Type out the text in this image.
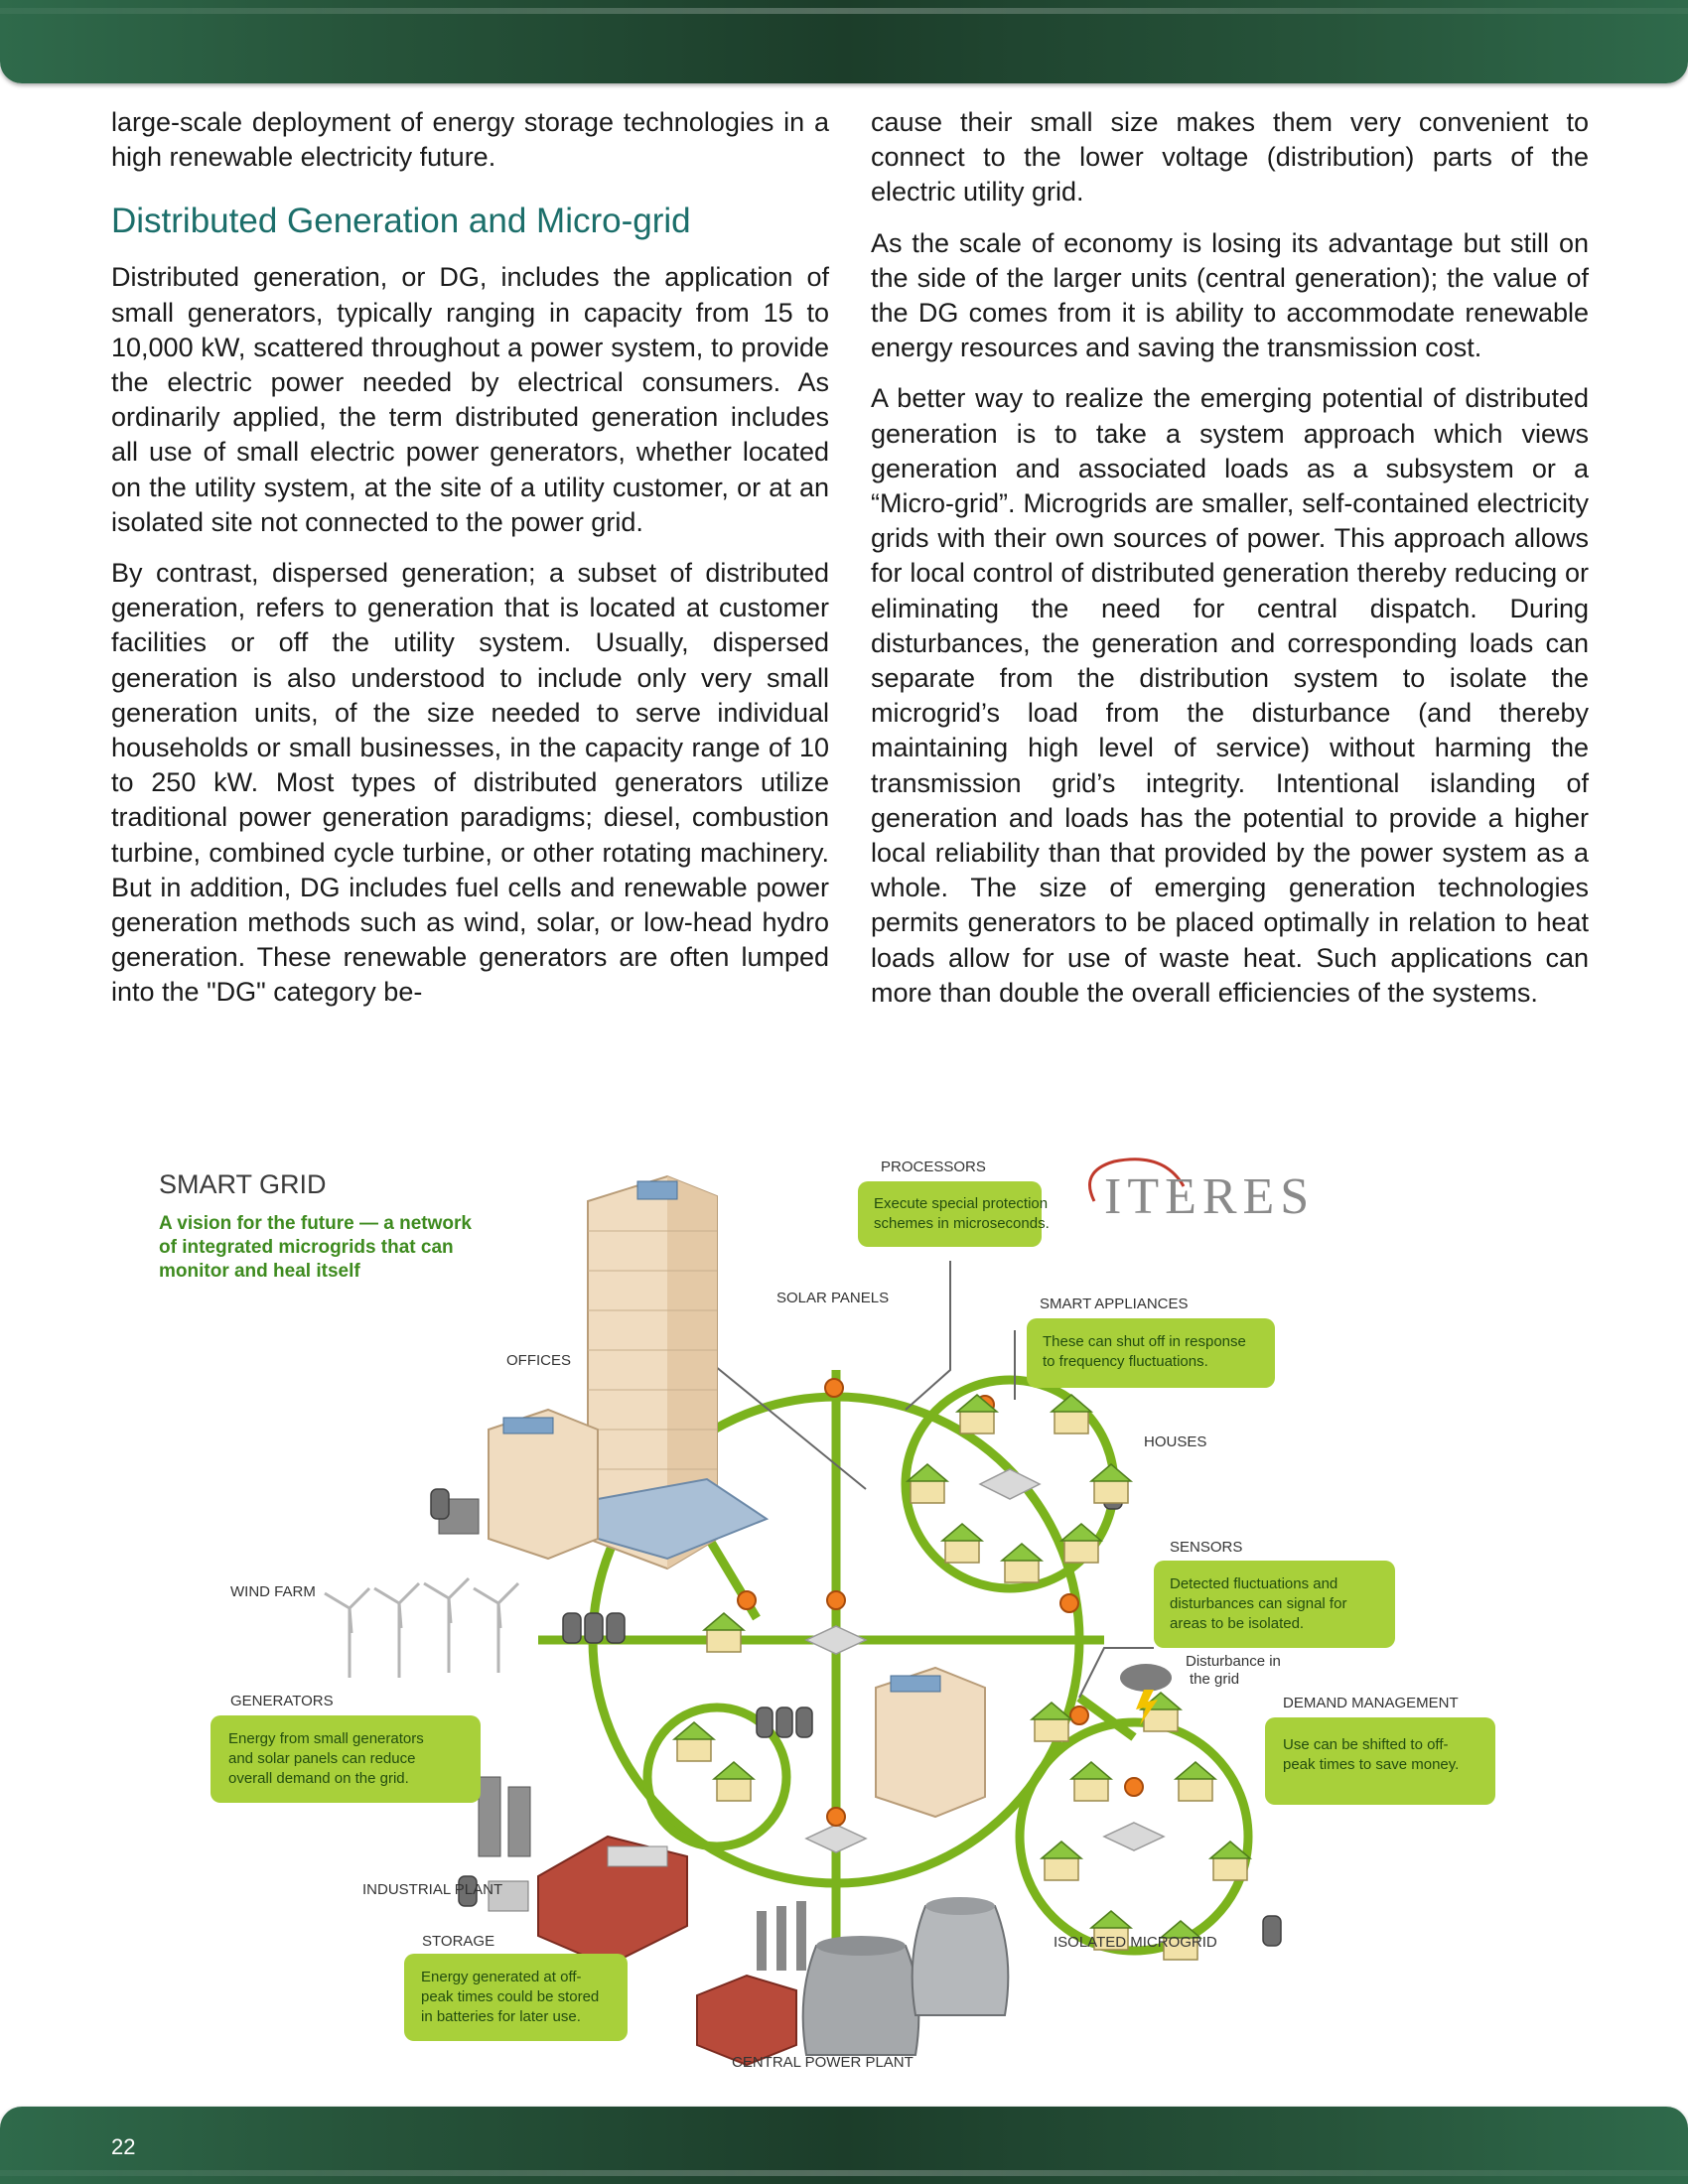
large-scale deployment of energy storage technologies in a high renewable electricity future.

Distributed Generation and Micro-grid

Distributed generation, or DG, includes the application of small generators, typically ranging in capacity from 15 to 10,000 kW, scattered throughout a power system, to provide the electric power needed by electrical consumers. As ordinarily applied, the term distributed generation includes all use of small electric power generators, whether located on the utility system, at the site of a utility customer, or at an isolated site not connected to the power grid.

By contrast, dispersed generation; a subset of distributed generation, refers to generation that is located at customer facilities or off the utility system. Usually, dispersed generation is also understood to include only very small generation units, of the size needed to serve individual households or small businesses, in the capacity range of 10 to 250 kW. Most types of distributed generators utilize traditional power generation paradigms; diesel, combustion turbine, combined cycle turbine, or other rotating machinery. But in addition, DG includes fuel cells and renewable power generation methods such as wind, solar, or low-head hydro generation. These renewable generators are often lumped into the "DG" category be-

cause their small size makes them very convenient to connect to the lower voltage (distribution) parts of the electric utility grid.

As the scale of economy is losing its advantage but still on the side of the larger units (central generation); the value of the DG comes from it is ability to accommodate renewable energy resources and saving the transmission cost.

A better way to realize the emerging potential of distributed generation is to take a system approach which views generation and associated loads as a subsystem or a “Micro-grid”. Microgrids are smaller, self-contained electricity grids with their own sources of power. This approach allows for local control of distributed generation thereby reducing or eliminating the need for central dispatch. During disturbances, the generation and corresponding loads can separate from the distribution system to isolate the microgrid’s load from the disturbance (and thereby maintaining high level of service) without harming the transmission grid’s integrity. Intentional islanding of generation and loads has the potential to provide a higher local reliability than that provided by the power system as a whole. The size of emerging generation technologies permits generators to be placed optimally in relation to heat loads allow for use of waste heat. Such applications can more than double the overall efficiencies of the systems.

SMART GRID
A vision for the future — a network
of integrated microgrids that can
monitor and heal itself
ITERES
PROCESSORS
SOLAR PANELS
OFFICES
SMART APPLIANCES
HOUSES
SENSORS
WIND FARM
GENERATORS
Disturbance in
the grid
DEMAND MANAGEMENT
INDUSTRIAL PLANT
STORAGE	ISOLATED MICROGRID
CENTRAL POWER PLANT
Execute special protection
schemes in microseconds.
These can shut off in response
to frequency fluctuations.
Detected fluctuations and
disturbances can signal for
areas to be isolated.
Energy from small generators
and solar panels can reduce
overall demand on the grid.
Use can be shifted to off-
peak times to save money.
Energy generated at off-
peak times could be stored
in batteries for later use.
22
